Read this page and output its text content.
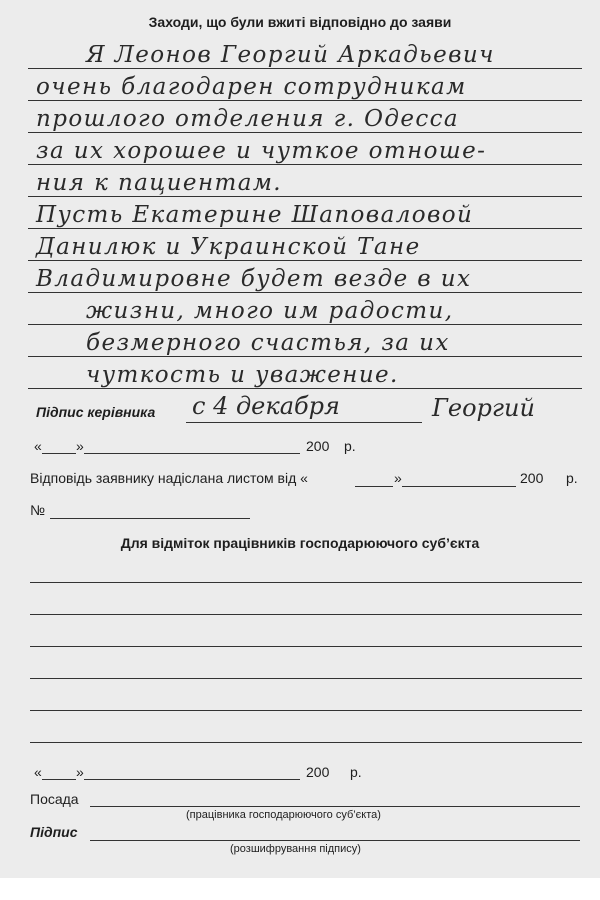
Заходи, що були вжиті відповідно до заяви
Я Леонов Георгий Аркадьевич
очень благодарен сотрудникам
прошлого отделения г. Одесса
за их хорошее и чуткое отноше-
ния к пациентам.
Пусть Екатерине Шаповаловой
Данилюк и Украинской Тане
Владимировне будет везде в их
жизни, много им радости,
безмерного счастья, за их
чуткость и уважение.
Підпис керівника с 4 декабря	Георгий
« »	200 р.
Відповідь заявнику надіслана листом від «	»	200 р.
№
Для відміток працівників господарюючого суб’єкта
« »	200 р.
Посада
(працівника господарюючого суб’єкта)
Підпис
(розшифрування підпису)
